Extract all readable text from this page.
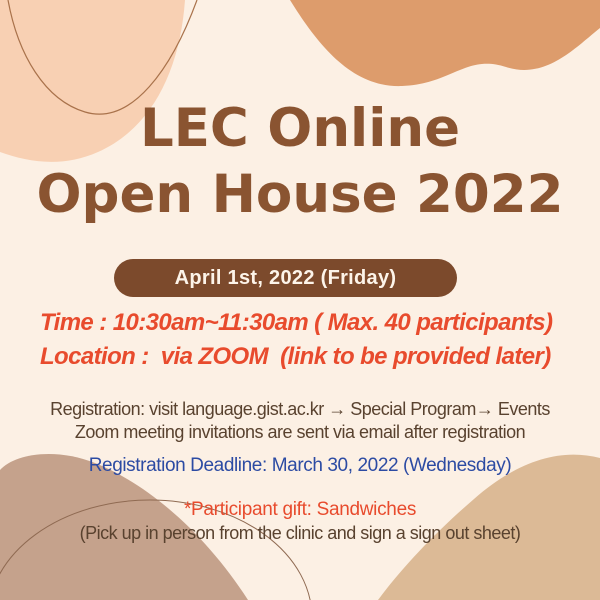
LEC Online
Open House 2022
April 1st, 2022 (Friday)
Time : 10:30am~11:30am ( Max. 40 participants)
Location :  via ZOOM  (link to be provided later)
Registration: visit language.gist.ac.kr → Special Program→ Events
Zoom meeting invitations are sent via email after registration
Registration Deadline: March 30, 2022 (Wednesday)
*Participant gift: Sandwiches
(Pick up in person from the clinic and sign a sign out sheet)
